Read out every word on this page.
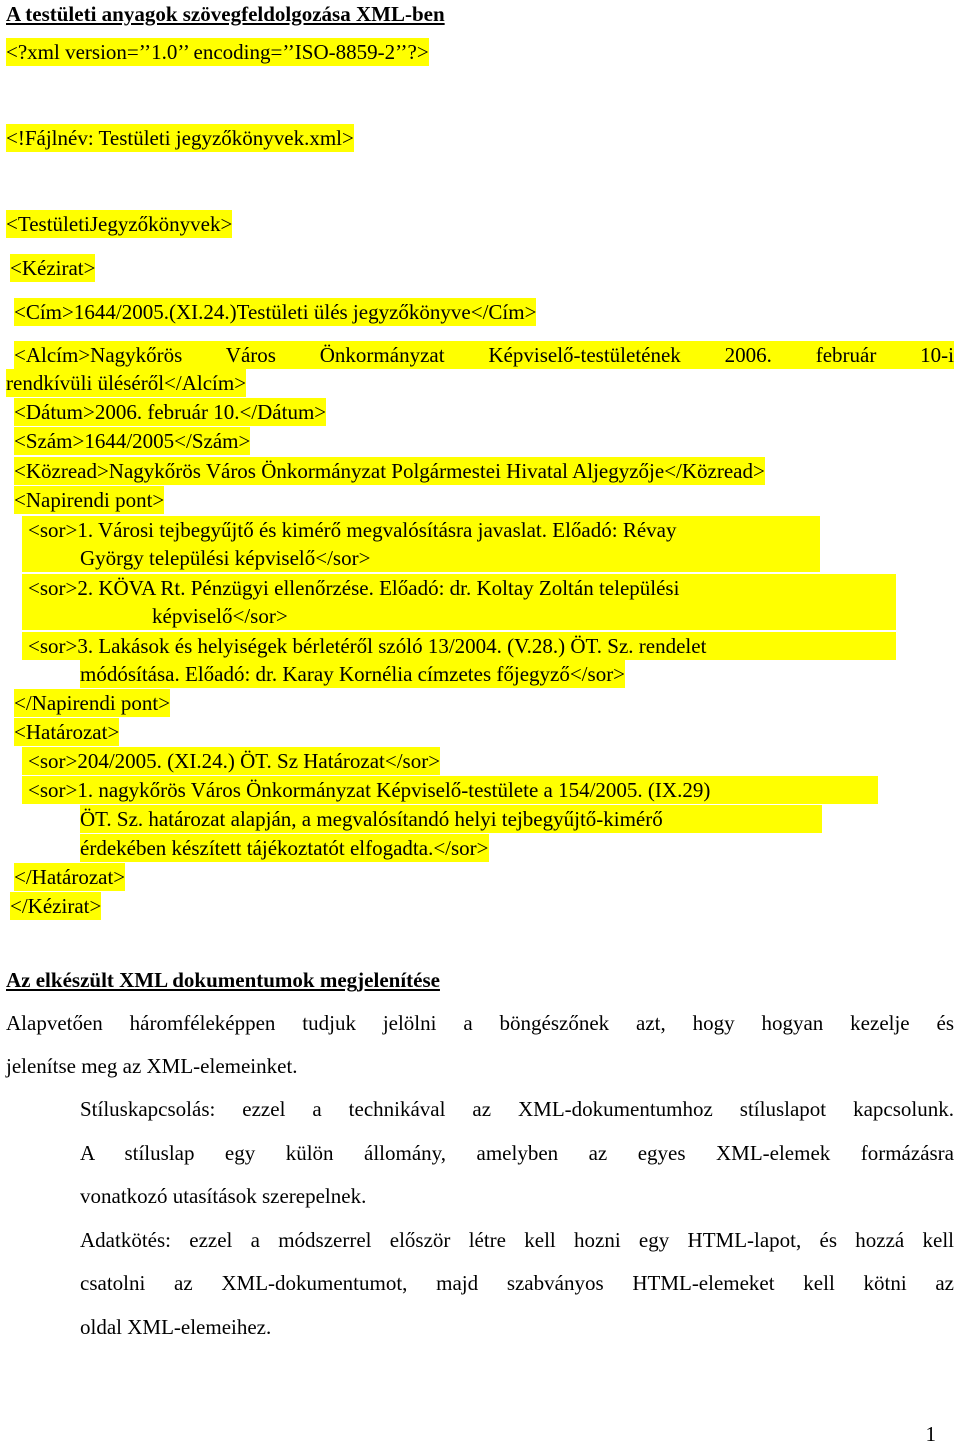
A testületi anyagok szövegfeldolgozása XML-ben
<?xml version=’’1.0’’ encoding=’’ISO-8859-2’’?>
<!Fájlnév: Testületi jegyzőkönyvek.xml>
<TestületiJegyzőkönyvek>
<Kézirat>
<Cím>1644/2005.(XI.24.)Testületi ülés jegyzőkönyve</Cím>
<Alcím>Nagykőrös Város Önkormányzat Képviselő-testületének 2006. február 10-i
rendkívüli üléséről</Alcím>
<Dátum>2006. február 10.</Dátum>
<Szám>1644/2005</Szám>
<Közread>Nagykőrös Város Önkormányzat Polgármestei Hivatal Aljegyzője</Közread>
<Napirendi pont>
<sor>1. Városi tejbegyűjtő és kimérő megvalósításra javaslat. Előadó: Révay
György települési képviselő</sor>
<sor>2. KÖVA Rt. Pénzügyi ellenőrzése. Előadó: dr. Koltay Zoltán települési
képviselő</sor>
<sor>3. Lakások és helyiségek bérletéről szóló 13/2004. (V.28.) ÖT. Sz. rendelet
módósítása. Előadó: dr. Karay Kornélia címzetes főjegyző</sor>
</Napirendi pont>
<Határozat>
<sor>204/2005. (XI.24.) ÖT. Sz Határozat</sor>
<sor>1. nagykőrös Város Önkormányzat Képviselő-testülete a 154/2005. (IX.29)
ÖT. Sz. határozat alapján, a megvalósítandó helyi tejbegyűjtő-kimérő
érdekében készített tájékoztatót elfogadta.</sor>
</Határozat>
</Kézirat>
Az elkészült XML dokumentumok megjelenítése
Alapvetően háromféleképpen tudjuk jelölni a böngészőnek azt, hogy hogyan kezelje és
jelenítse meg az XML-elemeinket.
Stíluskapcsolás: ezzel a technikával az XML-dokumentumhoz stíluslapot kapcsolunk.
A stíluslap egy külön állomány, amelyben az egyes XML-elemek formázásra
vonatkozó utasítások szerepelnek.
Adatkötés: ezzel a módszerrel először létre kell hozni egy HTML-lapot, és hozzá kell
csatolni az XML-dokumentumot, majd szabványos HTML-elemeket kell kötni az
oldal XML-elemeihez.
1
